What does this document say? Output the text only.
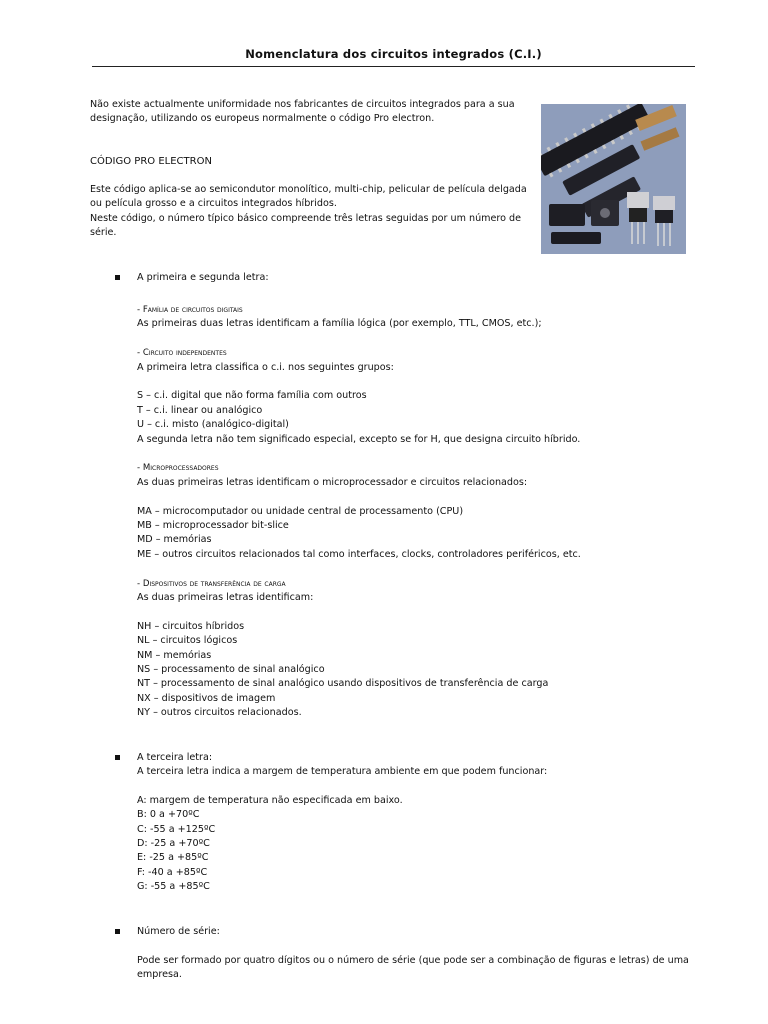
Nomenclatura dos circuitos integrados (C.I.)
Não existe actualmente uniformidade nos fabricantes de circuitos integrados para a sua
designação, utilizando os europeus normalmente o código Pro electron.
CÓDIGO PRO ELECTRON
Este código aplica-se ao semicondutor monolítico, multi-chip, pelicular de película delgada
ou película grosso e a circuitos integrados híbridos.
Neste código, o número típico básico compreende três letras seguidas por um número de
série.
A primeira e segunda letra:
- Família de circuitos digitais
As primeiras duas letras identificam a família lógica (por exemplo, TTL, CMOS, etc.);
- Circuito independentes
A primeira letra classifica o c.i. nos seguintes grupos:
S – c.i. digital que não forma família com outros
T – c.i. linear ou analógico
U – c.i. misto (analógico-digital)
A segunda letra não tem significado especial, excepto se for H, que designa circuito híbrido.
- Microprocessadores
As duas primeiras letras identificam o microprocessador e circuitos relacionados:
MA – microcomputador ou unidade central de processamento (CPU)
MB – microprocessador bit-slice
MD – memórias
ME – outros circuitos relacionados tal como interfaces, clocks, controladores periféricos, etc.
- Dispositivos de transferência de carga
As duas primeiras letras identificam:
NH – circuitos híbridos
NL – circuitos lógicos
NM – memórias
NS – processamento de sinal analógico
NT – processamento de sinal analógico usando dispositivos de transferência de carga
NX – dispositivos de imagem
NY – outros circuitos relacionados.
A terceira letra:
A terceira letra indica a margem de temperatura ambiente em que podem funcionar:
A: margem de temperatura não especificada em baixo.
B: 0 a +70ºC
C: -55 a +125ºC
D: -25 a +70ºC
E: -25 a +85ºC
F: -40 a +85ºC
G: -55 a +85ºC
Número de série:
Pode ser formado por quatro dígitos ou o número de série (que pode ser a combinação de figuras e letras) de uma
empresa.
